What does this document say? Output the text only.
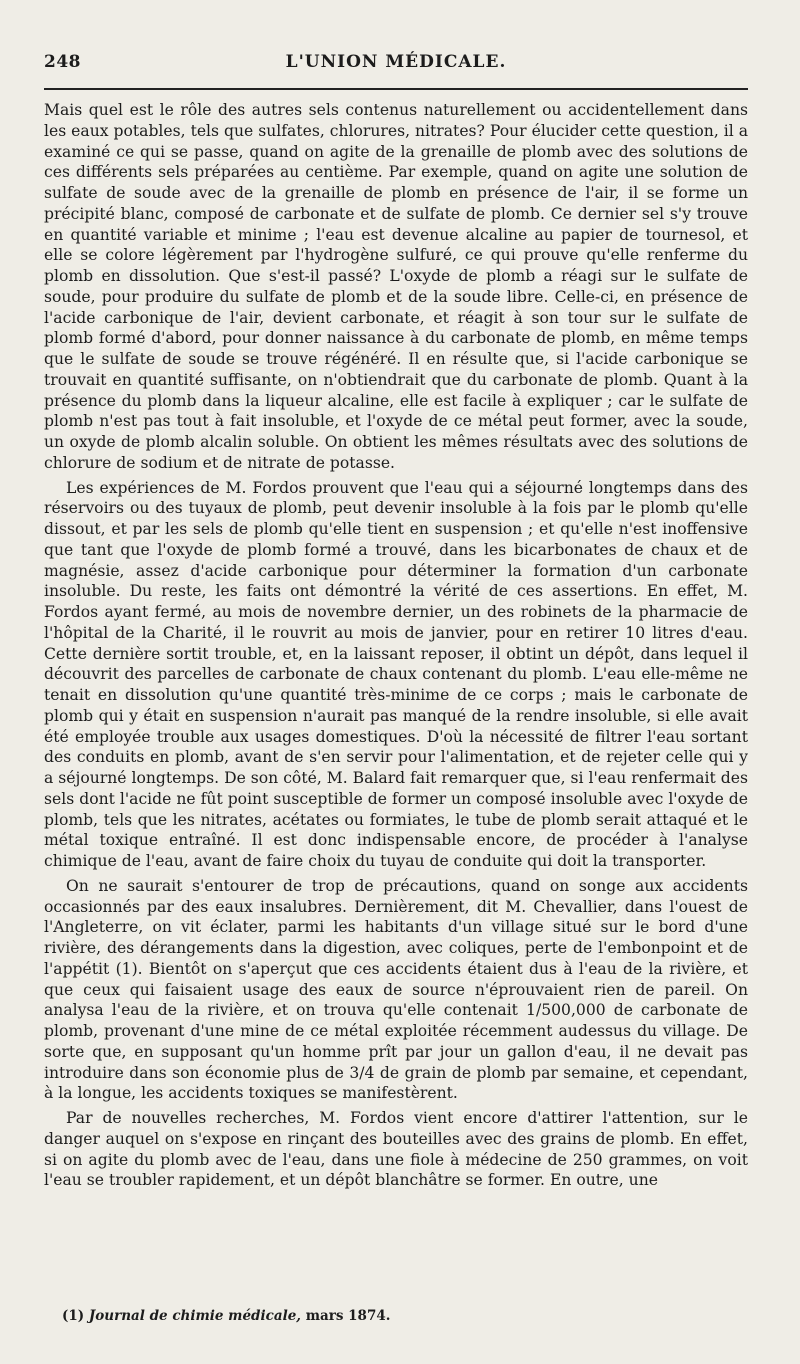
248	L'UNION MÉDICALE.

Mais quel est le rôle des autres sels contenus naturellement ou accidentellement dans les eaux potables, tels que sulfates, chlorures, nitrates? Pour élucider cette question, il a examiné ce qui se passe, quand on agite de la grenaille de plomb avec des solutions de ces différents sels préparées au centième. Par exemple, quand on agite une solution de sulfate de soude avec de la grenaille de plomb en présence de l'air, il se forme un précipité blanc, composé de carbonate et de sulfate de plomb. Ce dernier sel s'y trouve en quantité variable et minime ; l'eau est devenue alcaline au papier de tournesol, et elle se colore légèrement par l'hydrogène sulfuré, ce qui prouve qu'elle renferme du plomb en dissolution. Que s'est-il passé? L'oxyde de plomb a réagi sur le sulfate de soude, pour produire du sulfate de plomb et de la soude libre. Celle-ci, en présence de l'acide carbonique de l'air, devient carbonate, et réagit à son tour sur le sulfate de plomb formé d'abord, pour donner naissance à du carbonate de plomb, en même temps que le sulfate de soude se trouve régénéré. Il en résulte que, si l'acide carbonique se trouvait en quantité suffisante, on n'obtiendrait que du carbonate de plomb. Quant à la présence du plomb dans la liqueur alcaline, elle est facile à expliquer ; car le sulfate de plomb n'est pas tout à fait insoluble, et l'oxyde de ce métal peut former, avec la soude, un oxyde de plomb alcalin soluble. On obtient les mêmes résultats avec des solutions de chlorure de sodium et de nitrate de potasse.

Les expériences de M. Fordos prouvent que l'eau qui a séjourné longtemps dans des réservoirs ou des tuyaux de plomb, peut devenir insoluble à la fois par le plomb qu'elle dissout, et par les sels de plomb qu'elle tient en suspension ; et qu'elle n'est inoffensive que tant que l'oxyde de plomb formé a trouvé, dans les bicarbonates de chaux et de magnésie, assez d'acide carbonique pour déterminer la formation d'un carbonate insoluble. Du reste, les faits ont démontré la vérité de ces assertions. En effet, M. Fordos ayant fermé, au mois de novembre dernier, un des robinets de la pharmacie de l'hôpital de la Charité, il le rouvrit au mois de janvier, pour en retirer 10 litres d'eau. Cette dernière sortit trouble, et, en la laissant reposer, il obtint un dépôt, dans lequel il découvrit des parcelles de carbonate de chaux contenant du plomb. L'eau elle-même ne tenait en dissolution qu'une quantité très-minime de ce corps ; mais le carbonate de plomb qui y était en suspension n'aurait pas manqué de la rendre insoluble, si elle avait été employée trouble aux usages domestiques. D'où la nécessité de filtrer l'eau sortant des conduits en plomb, avant de s'en servir pour l'alimentation, et de rejeter celle qui y a séjourné longtemps. De son côté, M. Balard fait remarquer que, si l'eau renfermait des sels dont l'acide ne fût point susceptible de former un composé insoluble avec l'oxyde de plomb, tels que les nitrates, acétates ou formiates, le tube de plomb serait attaqué et le métal toxique entraîné. Il est donc indispensable encore, de procéder à l'analyse chimique de l'eau, avant de faire choix du tuyau de conduite qui doit la transporter.

On ne saurait s'entourer de trop de précautions, quand on songe aux accidents occasionnés par des eaux insalubres. Dernièrement, dit M. Chevallier, dans l'ouest de l'Angleterre, on vit éclater, parmi les habitants d'un village situé sur le bord d'une rivière, des dérangements dans la digestion, avec coliques, perte de l'embonpoint et de l'appétit (1). Bientôt on s'aperçut que ces accidents étaient dus à l'eau de la rivière, et que ceux qui faisaient usage des eaux de source n'éprouvaient rien de pareil. On analysa l'eau de la rivière, et on trouva qu'elle contenait 1/500,000 de carbonate de plomb, provenant d'une mine de ce métal exploitée récemment audessus du village. De sorte que, en supposant qu'un homme prît par jour un gallon d'eau, il ne devait pas introduire dans son économie plus de 3/4 de grain de plomb par semaine, et cependant, à la longue, les accidents toxiques se manifestèrent.

Par de nouvelles recherches, M. Fordos vient encore d'attirer l'attention, sur le danger auquel on s'expose en rinçant des bouteilles avec des grains de plomb. En effet, si on agite du plomb avec de l'eau, dans une fiole à médecine de 250 grammes, on voit l'eau se troubler rapidement, et un dépôt blanchâtre se former. En outre, une

(1) Journal de chimie médicale, mars 1874.
